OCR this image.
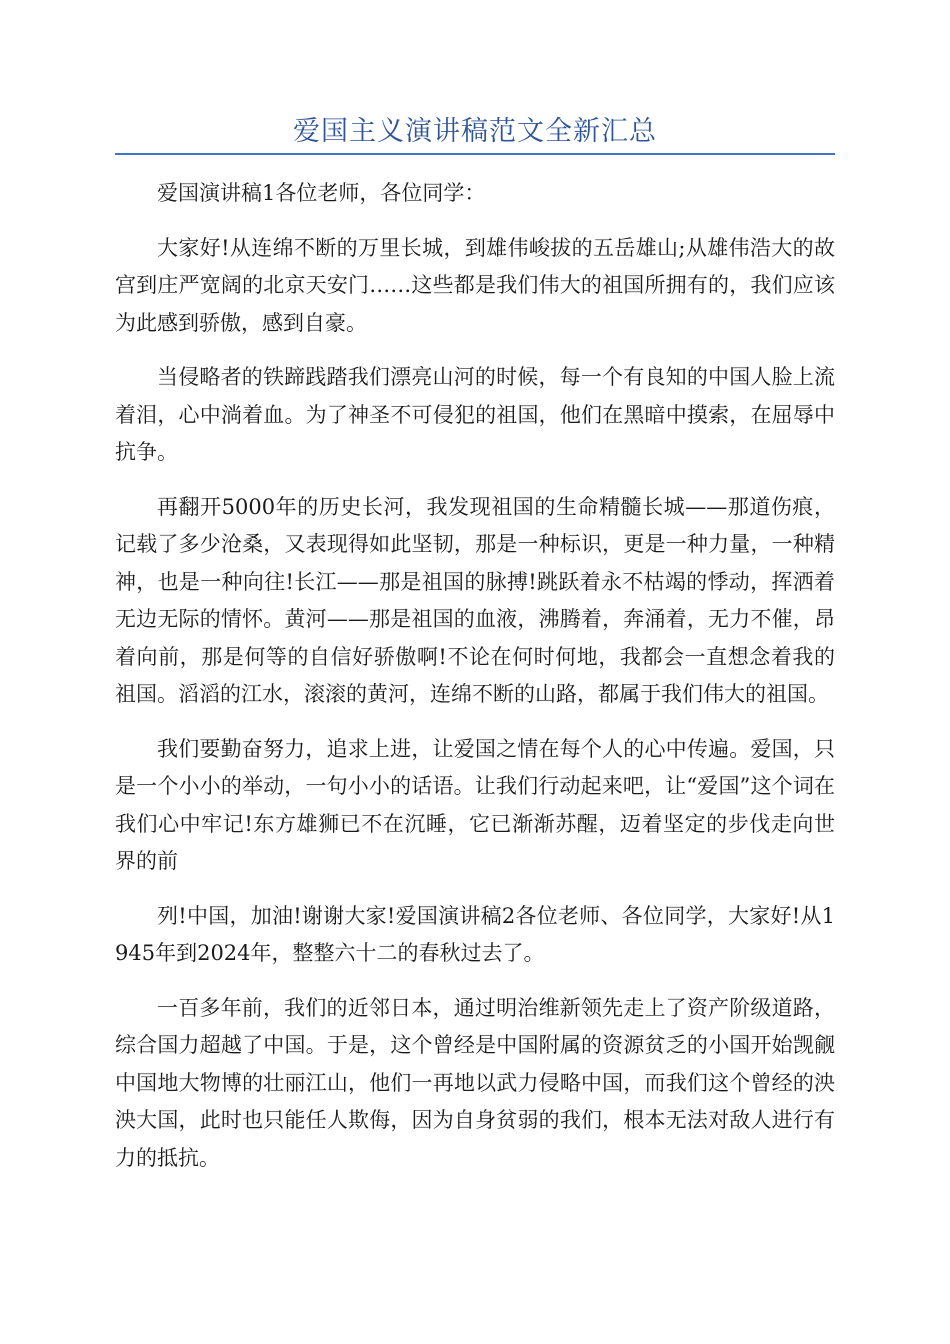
爱国主义演讲稿范文全新汇总

爱国演讲稿1各位老师，各位同学：

大家好!从连绵不断的万里长城，到雄伟峻拔的五岳雄山;从雄伟浩大的故宫到庄严宽阔的北京天安门……这些都是我们伟大的祖国所拥有的，我们应该为此感到骄傲，感到自豪。

当侵略者的铁蹄践踏我们漂亮山河的时候，每一个有良知的中国人脸上流着泪，心中淌着血。为了神圣不可侵犯的祖国，他们在黑暗中摸索，在屈辱中抗争。

再翻开5000年的历史长河，我发现祖国的生命精髓长城——那道伤痕，记载了多少沧桑，又表现得如此坚韧，那是一种标识，更是一种力量，一种精神，也是一种向往!长江——那是祖国的脉搏!跳跃着永不枯竭的悸动，挥洒着无边无际的情怀。黄河——那是祖国的血液，沸腾着，奔涌着，无力不催，昂着向前，那是何等的自信好骄傲啊!不论在何时何地，我都会一直想念着我的祖国。滔滔的江水，滚滚的黄河，连绵不断的山路，都属于我们伟大的祖国。

我们要勤奋努力，追求上进，让爱国之情在每个人的心中传遍。爱国，只是一个小小的举动，一句小小的话语。让我们行动起来吧，让“爱国”这个词在我们心中牢记!东方雄狮已不在沉睡，它已渐渐苏醒，迈着坚定的步伐走向世界的前

列!中国，加油!谢谢大家!爱国演讲稿2各位老师、各位同学，大家好!从1945年到2024年，整整六十二的春秋过去了。

一百多年前，我们的近邻日本，通过明治维新领先走上了资产阶级道路，综合国力超越了中国。于是，这个曾经是中国附属的资源贫乏的小国开始觊觎中国地大物博的壮丽江山，他们一再地以武力侵略中国，而我们这个曾经的泱泱大国，此时也只能任人欺侮，因为自身贫弱的我们，根本无法对敌人进行有力的抵抗。
